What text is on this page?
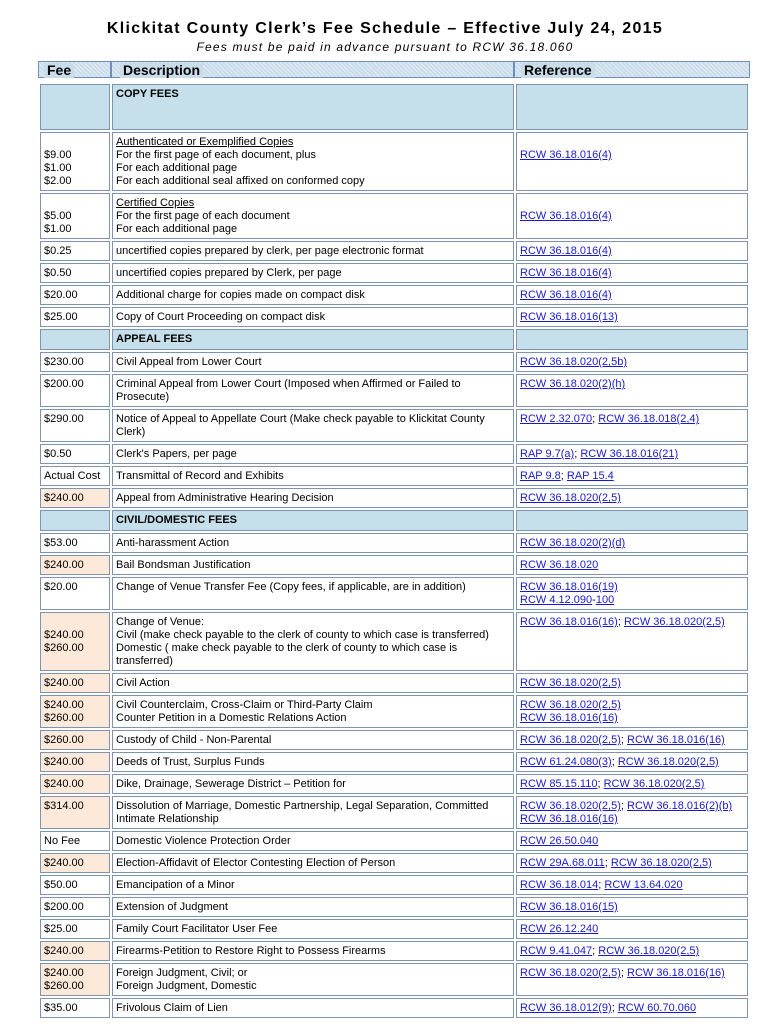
Klickitat County Clerk’s Fee Schedule – Effective July 24, 2015
Fees must be paid in advance pursuant to RCW 36.18.060
Fee	Description	Reference
	COPY FEES	

$9.00
$1.00
$2.00	Authenticated or Exemplified Copies
For the first page of each document, plus
For each additional page
For each additional seal affixed on conformed copy	RCW 36.18.016(4)

$5.00
$1.00	Certified Copies
For the first page of each document
For each additional page	RCW 36.18.016(4)
$0.25	uncertified copies prepared by clerk, per page electronic format	RCW 36.18.016(4)
$0.50	uncertified copies prepared by Clerk, per page	RCW 36.18.016(4)
$20.00	Additional charge for copies made on compact disk	RCW 36.18.016(4)
$25.00	Copy of Court Proceeding on compact disk	RCW 36.18.016(13)
	APPEAL FEES	
$230.00	Civil Appeal from Lower Court	RCW 36.18.020(2,5b)
$200.00	Criminal Appeal from Lower Court (Imposed when Affirmed or Failed to Prosecute)	RCW 36.18.020(2)(h)
$290.00	Notice of Appeal to Appellate Court (Make check payable to Klickitat County Clerk)	RCW 2.32.070; RCW 36.18.018(2,4)
$0.50	Clerk's Papers, per page	RAP 9.7(a); RCW 36.18.016(21)
Actual Cost	Transmittal of Record and Exhibits	RAP 9.8; RAP 15.4
$240.00	Appeal from Administrative Hearing Decision	RCW 36.18.020(2,5)
	CIVIL/DOMESTIC FEES	
$53.00	Anti-harassment Action	RCW 36.18.020(2)(d)
$240.00	Bail Bondsman Justification	RCW 36.18.020
$20.00	Change of Venue Transfer Fee (Copy fees, if applicable, are in addition)	RCW 36.18.016(19)
RCW 4.12.090-100

$240.00
$260.00	Change of Venue:
Civil (make check payable to the clerk of county to which case is transferred)
Domestic ( make check payable to the clerk of county to which case is transferred)	RCW 36.18.016(16); RCW 36.18.020(2,5)
$240.00	Civil Action	RCW 36.18.020(2,5)
$240.00
$260.00	Civil Counterclaim, Cross-Claim or Third-Party Claim
Counter Petition in a Domestic Relations Action	RCW 36.18.020(2,5)
RCW 36.18.016(16)
$260.00	Custody of Child - Non-Parental	RCW 36.18.020(2,5); RCW 36.18.016(16)
$240.00	Deeds of Trust, Surplus Funds	RCW 61.24.080(3); RCW 36.18.020(2,5)
$240.00	Dike, Drainage, Sewerage District – Petition for	RCW 85.15.110; RCW 36.18.020(2,5)
$314.00	Dissolution of Marriage, Domestic Partnership, Legal Separation, Committed Intimate Relationship	RCW 36.18.020(2,5); RCW 36.18.016(2)(b)
RCW 36.18.016(16)
No Fee	Domestic Violence Protection Order	RCW 26.50.040
$240.00	Election-Affidavit of Elector Contesting Election of Person	RCW 29A.68.011; RCW 36.18.020(2,5)
$50.00	Emancipation of a Minor	RCW 36.18.014; RCW 13.64.020
$200.00	Extension of Judgment	RCW 36.18.016(15)
$25.00	Family Court Facilitator User Fee	RCW 26.12.240
$240.00	Firearms-Petition to Restore Right to Possess Firearms	RCW 9.41.047; RCW 36.18.020(2,5)
$240.00
$260.00	Foreign Judgment, Civil; or
Foreign Judgment, Domestic	RCW 36.18.020(2,5); RCW 36.18.016(16)
$35.00	Frivolous Claim of Lien	RCW 36.18.012(9); RCW 60.70.060
